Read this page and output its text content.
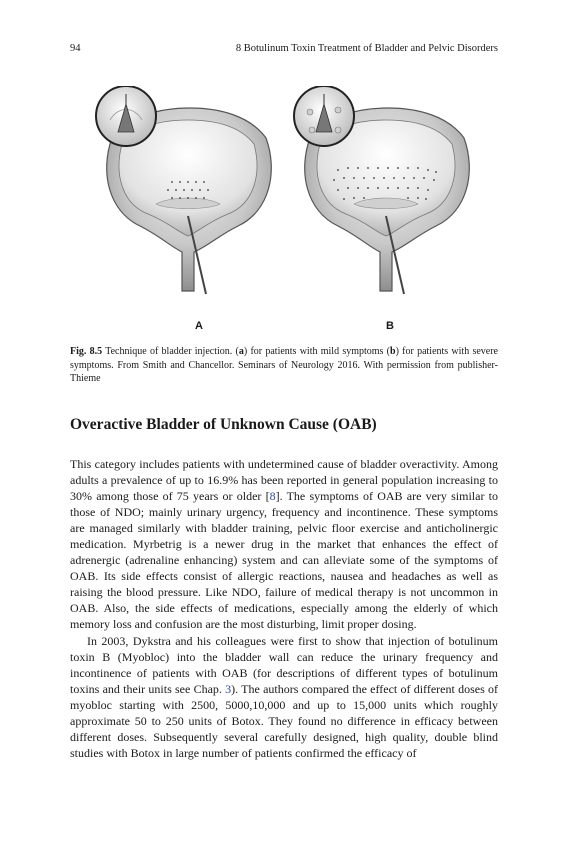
94	8 Botulinum Toxin Treatment of Bladder and Pelvic Disorders
A	B
Fig. 8.5 Technique of bladder injection. (a) for patients with mild symptoms (b) for patients with severe symptoms. From Smith and Chancellor. Seminars of Neurology 2016. With permission from publisher-Thieme
Overactive Bladder of Unknown Cause (OAB)

This category includes patients with undetermined cause of bladder overactivity. Among adults a prevalence of up to 16.9% has been reported in general population increasing to 30% among those of 75 years or older [8]. The symptoms of OAB are very similar to those of NDO; mainly urinary urgency, frequency and incontinence. These symptoms are managed similarly with bladder training, pelvic floor exercise and anticholinergic medication. Myrbetrig is a newer drug in the market that enhances the effect of adrenergic (adrenaline enhancing) system and can alleviate some of the symptoms of OAB. Its side effects consist of allergic reactions, nausea and headaches as well as raising the blood pressure. Like NDO, failure of medical therapy is not uncommon in OAB. Also, the side effects of medications, especially among the elderly of which memory loss and confusion are the most disturbing, limit proper dosing.

In 2003, Dykstra and his colleagues were first to show that injection of botulinum toxin B (Myobloc) into the bladder wall can reduce the urinary frequency and incontinence of patients with OAB (for descriptions of different types of botulinum toxins and their units see Chap. 3). The authors compared the effect of different doses of myobloc starting with 2500, 5000,10,000 and up to 15,000 units which roughly approximate 50 to 250 units of Botox. They found no difference in efficacy between different doses. Subsequently several carefully designed, high quality, double blind studies with Botox in large number of patients confirmed the efficacy of
